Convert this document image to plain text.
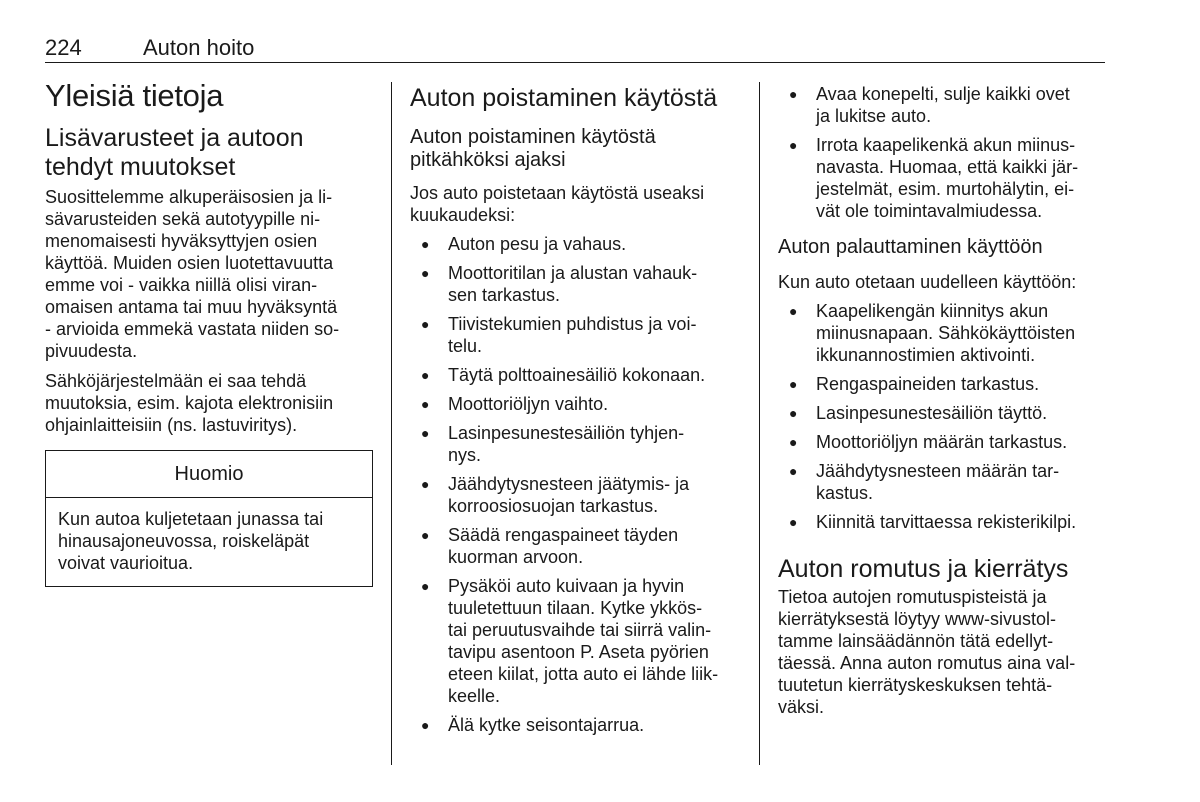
224	Auton hoito
Yleisiä tietoja
Lisävarusteet ja autoon
tehdyt muutokset

Suosittelemme alkuperäisosien ja li-
sävarusteiden sekä autotyypille ni-
menomaisesti hyväksyttyjen osien
käyttöä. Muiden osien luotettavuutta
emme voi - vaikka niillä olisi viran-
omaisen antama tai muu hyväksyntä
- arvioida emmekä vastata niiden so-
pivuudesta.

Sähköjärjestelmään ei saa tehdä
muutoksia, esim. kajota elektronisiin
ohjainlaitteisiin (ns. lastuviritys).

Huomio
Kun autoa kuljetetaan junassa tai
hinausajoneuvossa, roiskeläpät
voivat vaurioitua.
Auton poistaminen käytöstä
Auton poistaminen käytöstä
pitkähköksi ajaksi

Jos auto poistetaan käytöstä useaksi
kuukaudeksi:

● Auton pesu ja vahaus.
● Moottoritilan ja alustan vahauk-
sen tarkastus.
● Tiivistekumien puhdistus ja voi-
telu.
● Täytä polttoainesäiliö kokonaan.
● Moottoriöljyn vaihto.
● Lasinpesunestesäiliön tyhjen-
nys.
● Jäähdytysnesteen jäätymis- ja
korroosiosuojan tarkastus.
● Säädä rengaspaineet täyden
kuorman arvoon.
● Pysäköi auto kuivaan ja hyvin
tuuletettuun tilaan. Kytke ykkös-
tai peruutusvaihde tai siirrä valin-
tavipu asentoon P. Aseta pyörien
eteen kiilat, jotta auto ei lähde liik-
keelle.
● Älä kytke seisontajarrua.
● Avaa konepelti, sulje kaikki ovet
ja lukitse auto.
● Irrota kaapelikenkä akun miinus-
navasta. Huomaa, että kaikki jär-
jestelmät, esim. murtohälytin, ei-
vät ole toimintavalmiudessa.
Auton palauttaminen käyttöön

Kun auto otetaan uudelleen käyttöön:

● Kaapelikengän kiinnitys akun
miinusnapaan. Sähkökäyttöisten
ikkunannostimien aktivointi.
● Rengaspaineiden tarkastus.
● Lasinpesunestesäiliön täyttö.
● Moottoriöljyn määrän tarkastus.
● Jäähdytysnesteen määrän tar-
kastus.
● Kiinnitä tarvittaessa rekisterikilpi.
Auton romutus ja kierrätys

Tietoa autojen romutuspisteistä ja
kierrätyksestä löytyy www-sivustol-
tamme lainsäädännön tätä edellyt-
täessä. Anna auton romutus aina val-
tuutetun kierrätyskeskuksen tehtä-
väksi.
